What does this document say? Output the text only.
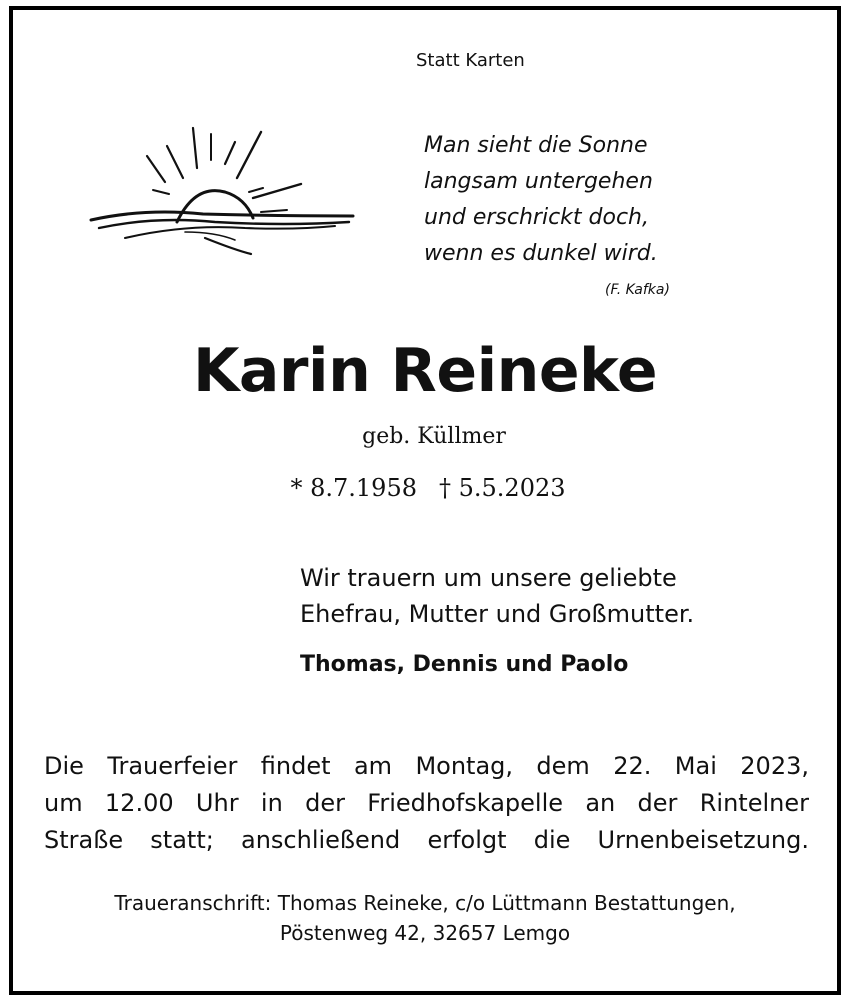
Statt Karten
Man sieht die Sonne
langsam untergehen
und erschrickt doch,
wenn es dunkel wird.
(F. Kafka)
Karin Reineke
geb. Küllmer
* 8.7.1958 † 5.5.2023
Wir trauern um unsere geliebte
Ehefrau, Mutter und Großmutter.
Thomas, Dennis und Paolo
Die Trauerfeier findet am Montag, dem 22. Mai 2023,
um 12.00 Uhr in der Friedhofskapelle an der Rintelner
Straße statt; anschließend erfolgt die Urnenbeisetzung.
Traueranschrift: Thomas Reineke, c/o Lüttmann Bestattungen,
Pöstenweg 42, 32657 Lemgo
